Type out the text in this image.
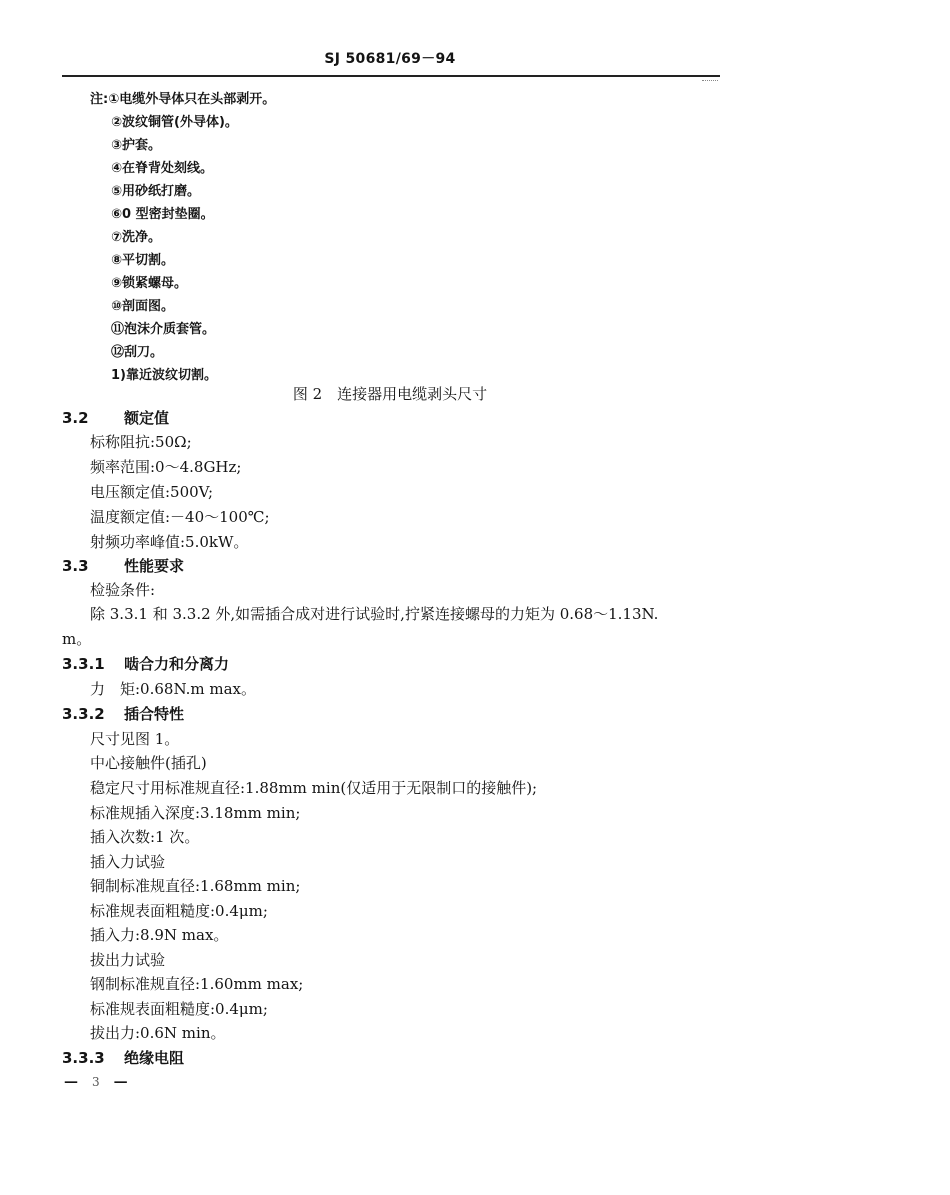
SJ 50681/69－94
注:①电缆外导体只在头部剥开。
②波纹铜管(外导体)。
③护套。
④在脊背处刻线。
⑤用砂纸打磨。
⑥0 型密封垫圈。
⑦洗净。
⑧平切割。
⑨锁紧螺母。
⑩剖面图。
⑪泡沫介质套管。
⑫刮刀。
1)靠近波纹切割。
图 2　连接器用电缆剥头尺寸
3.2 额定值
标称阻抗:50Ω;
频率范围:0～4.8GHz;
电压额定值:500V;
温度额定值:－40～100℃;
射频功率峰值:5.0kW。
3.3 性能要求
检验条件:
除 3.3.1 和 3.3.2 外,如需插合成对进行试验时,拧紧连接螺母的力矩为 0.68～1.13N.
m。
3.3.1 啮合力和分离力
力　矩:0.68N.m max。
3.3.2 插合特性
尺寸见图 1。
中心接触件(插孔)
稳定尺寸用标准规直径:1.88mm min(仅适用于无限制口的接触件);
标准规插入深度:3.18mm min;
插入次数:1 次。
插入力试验
铜制标准规直径:1.68mm min;
标准规表面粗糙度:0.4μm;
插入力:8.9N max。
拔出力试验
钢制标准规直径:1.60mm max;
标准规表面粗糙度:0.4μm;
拔出力:0.6N min。
3.3.3 绝缘电阻
— 3 —
